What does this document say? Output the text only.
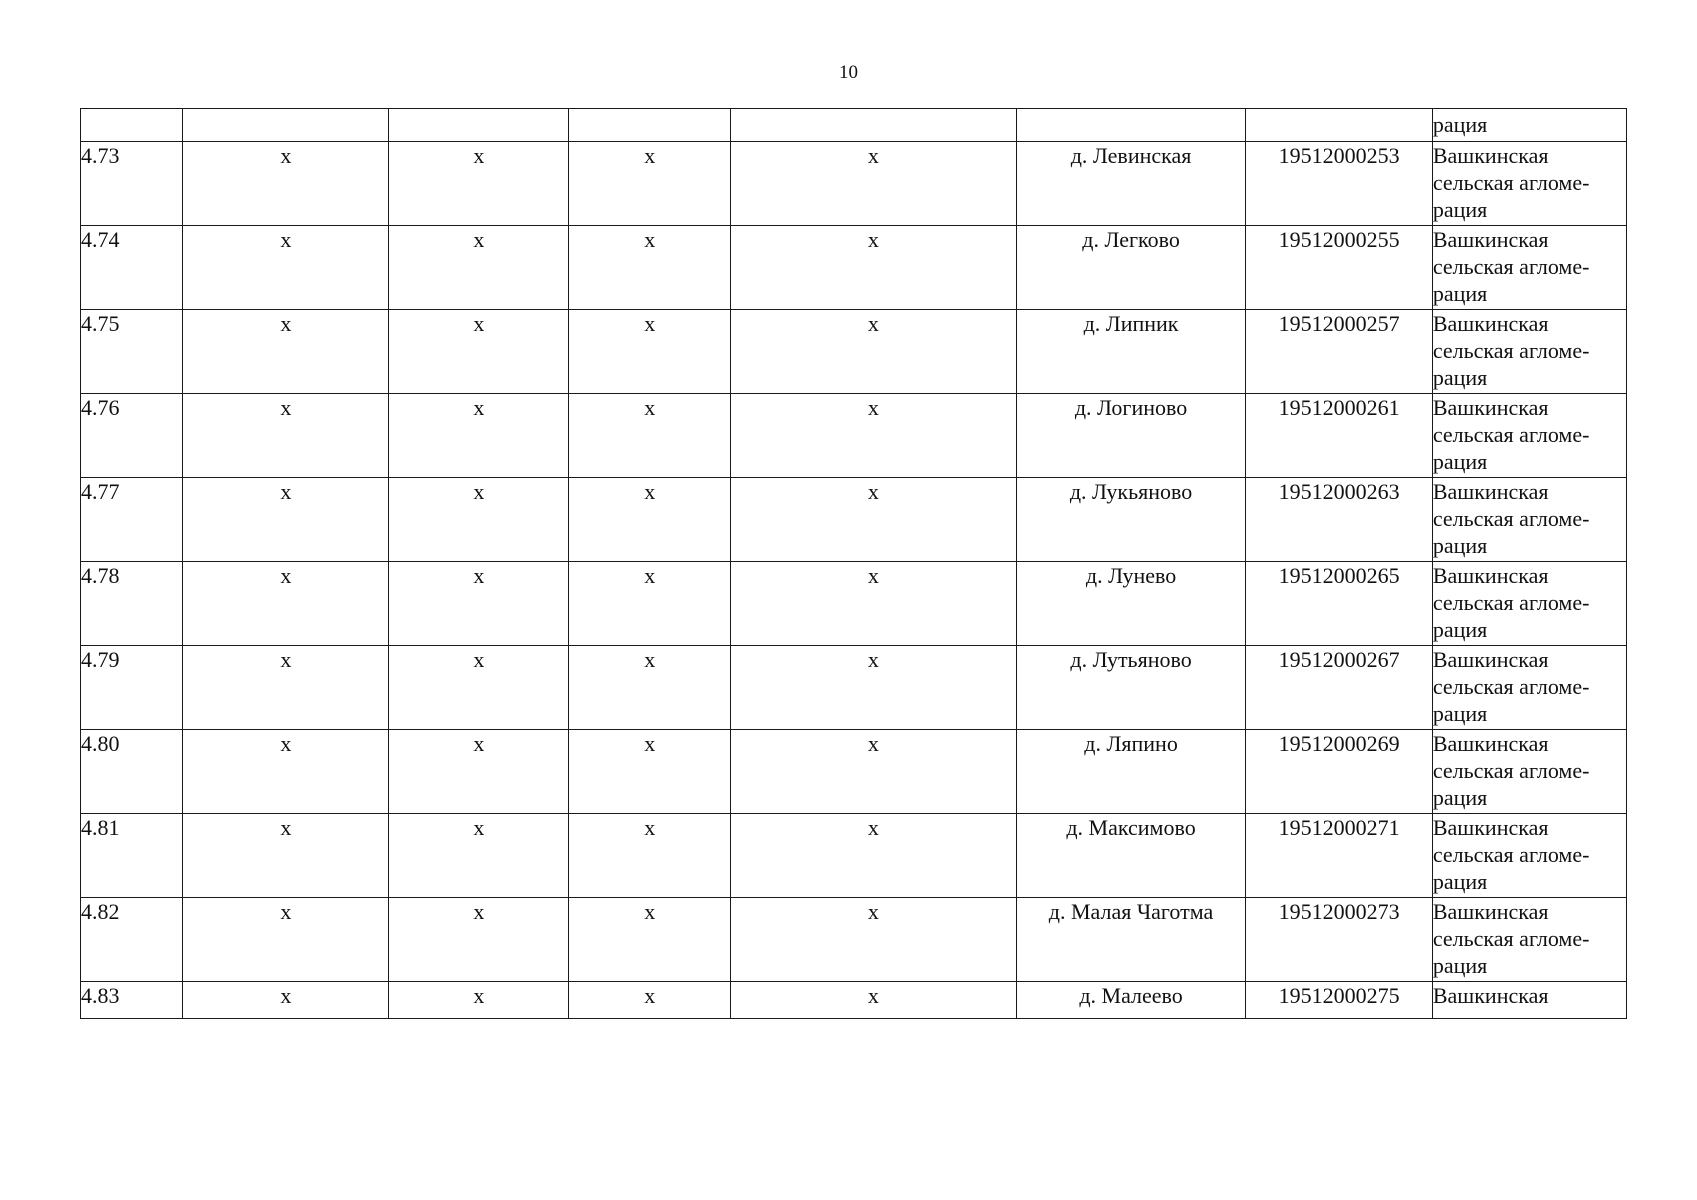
10
							рация
4.73	х	х	х	х	д. Левинская	19512000253	Вашкинская
сельская агломе-
рация

4.74	х	х	х	х	д. Легково	19512000255	Вашкинская
сельская агломе-
рация

4.75	х	х	х	х	д. Липник	19512000257	Вашкинская
сельская агломе-
рация

4.76	х	х	х	х	д. Логиново	19512000261	Вашкинская
сельская агломе-
рация

4.77	х	х	х	х	д. Лукьяново	19512000263	Вашкинская
сельская агломе-
рация

4.78	х	х	х	х	д. Лунево	19512000265	Вашкинская
сельская агломе-
рация

4.79	х	х	х	х	д. Лутьяново	19512000267	Вашкинская
сельская агломе-
рация

4.80	х	х	х	х	д. Ляпино	19512000269	Вашкинская
сельская агломе-
рация

4.81	х	х	х	х	д. Максимово	19512000271	Вашкинская
сельская агломе-
рация

4.82	х	х	х	х	д. Малая Чаготма	19512000273	Вашкинская
сельская агломе-
рация

4.83	х	х	х	х	д. Малеево	19512000275	Вашкинская
